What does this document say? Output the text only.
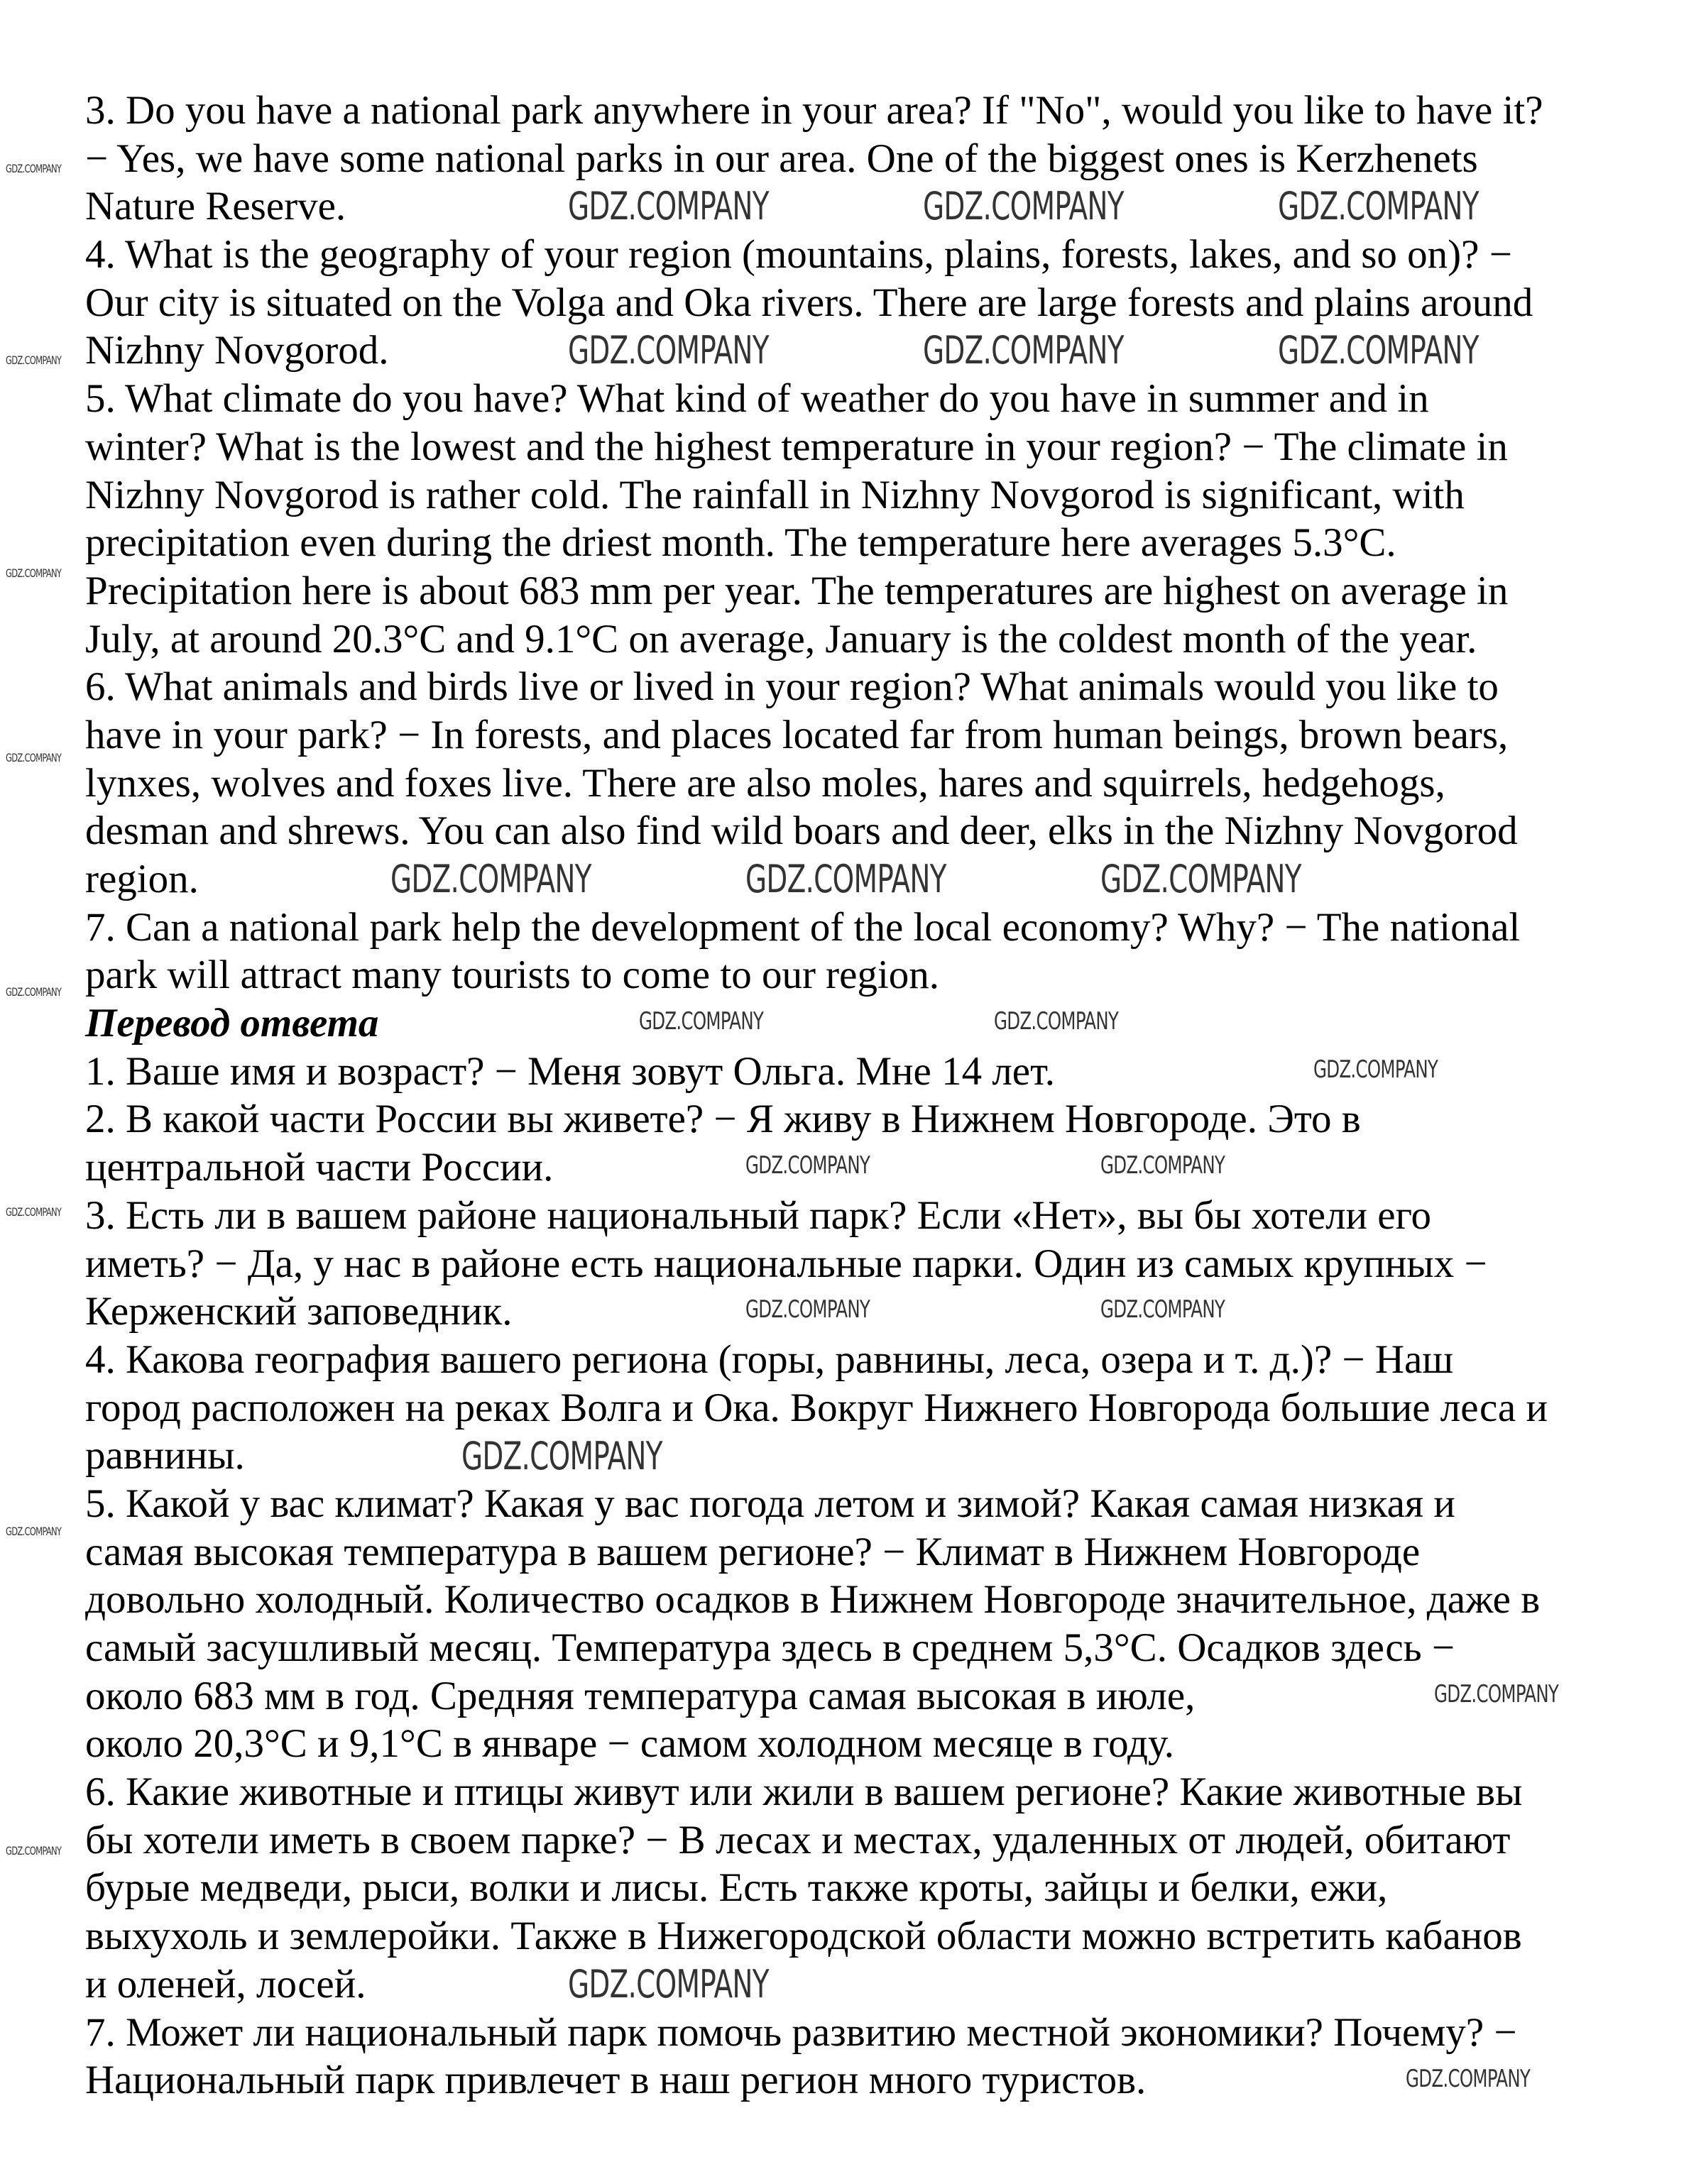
3. Do you have a national park anywhere in your area? If "No", would you like to have it?
− Yes, we have some national parks in our area. One of the biggest ones is Kerzhenets
Nature Reserve.
4. What is the geography of your region (mountains, plains, forests, lakes, and so on)? −
Our city is situated on the Volga and Oka rivers. There are large forests and plains around
Nizhny Novgorod.
5. What climate do you have? What kind of weather do you have in summer and in
winter? What is the lowest and the highest temperature in your region? − The climate in
Nizhny Novgorod is rather cold. The rainfall in Nizhny Novgorod is significant, with
precipitation even during the driest month. The temperature here averages 5.3°C.
Precipitation here is about 683 mm per year. The temperatures are highest on average in
July, at around 20.3°C and 9.1°C on average, January is the coldest month of the year.
6. What animals and birds live or lived in your region? What animals would you like to
have in your park? − In forests, and places located far from human beings, brown bears,
lynxes, wolves and foxes live. There are also moles, hares and squirrels, hedgehogs,
desman and shrews. You can also find wild boars and deer, elks in the Nizhny Novgorod
region.
7. Can a national park help the development of the local economy? Why? − The national
park will attract many tourists to come to our region.
Перевод ответа
1. Ваше имя и возраст? − Меня зовут Ольга. Мне 14 лет.
2. В какой части России вы живете? − Я живу в Нижнем Новгороде. Это в
центральной части России.
3. Есть ли в вашем районе национальный парк? Если «Нет», вы бы хотели его
иметь? − Да, у нас в районе есть национальные парки. Один из самых крупных −
Керженский заповедник.
4. Какова география вашего региона (горы, равнины, леса, озера и т. д.)? − Наш
город расположен на реках Волга и Ока. Вокруг Нижнего Новгорода большие леса и
равнины.
5. Какой у вас климат? Какая у вас погода летом и зимой? Какая самая низкая и
самая высокая температура в вашем регионе? − Климат в Нижнем Новгороде
довольно холодный. Количество осадков в Нижнем Новгороде значительное, даже в
самый засушливый месяц. Температура здесь в среднем 5,3°C. Осадков здесь −
около 683 мм в год. Средняя температура самая высокая в июле,
около 20,3°C и 9,1°C в январе − самом холодном месяце в году.
6. Какие животные и птицы живут или жили в вашем регионе? Какие животные вы
бы хотели иметь в своем парке? − В лесах и местах, удаленных от людей, обитают
бурые медведи, рыси, волки и лисы. Есть также кроты, зайцы и белки, ежи,
выхухоль и землеройки. Также в Нижегородской области можно встретить кабанов
и оленей, лосей.
7. Может ли национальный парк помочь развитию местной экономики? Почему? −
Национальный парк привлечет в наш регион много туристов.
GDZ.COMPANY	GDZ.COMPANY	GDZ.COMPANY
GDZ.COMPANY	GDZ.COMPANY	GDZ.COMPANY
GDZ.COMPANY	GDZ.COMPANY	GDZ.COMPANY
GDZ.COMPANY
GDZ.COMPANY
GDZ.COMPANY	GDZ.COMPANY
GDZ.COMPANY
GDZ.COMPANY	GDZ.COMPANY
GDZ.COMPANY	GDZ.COMPANY
GDZ.COMPANY
GDZ.COMPANY
GDZ.COMPANY
GDZ.COMPANY
GDZ.COMPANY
GDZ.COMPANY
GDZ.COMPANY
GDZ.COMPANY
GDZ.COMPANY
GDZ.COMPANY
